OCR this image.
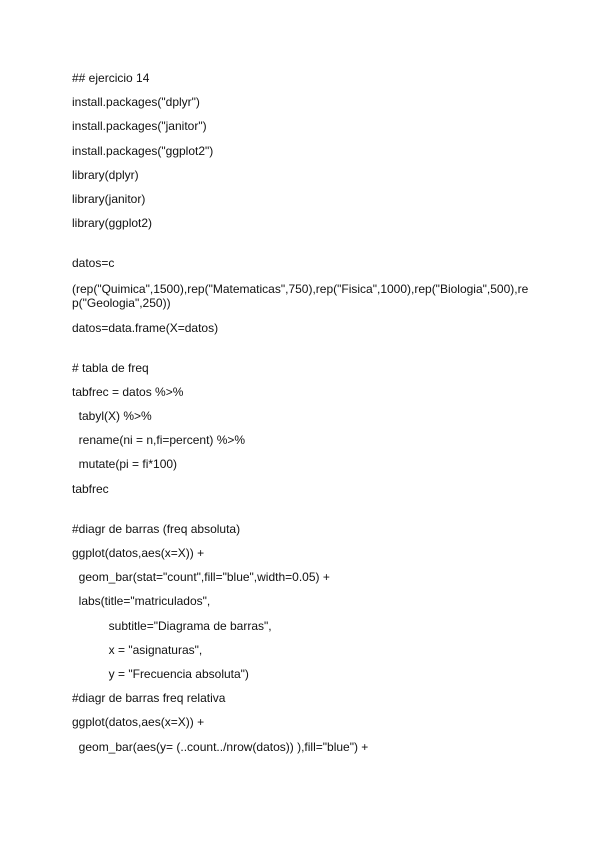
## ejercicio 14
install.packages("dplyr")
install.packages("janitor")
install.packages("ggplot2")
library(dplyr)
library(janitor)
library(ggplot2)
datos=c
(rep("Quimica",1500),rep("Matematicas",750),rep("Fisica",1000),rep("Biologia",500),rep("Geologia",250))
datos=data.frame(X=datos)
# tabla de freq
tabfrec = datos %>%
tabyl(X) %>%
rename(ni = n,fi=percent) %>%
mutate(pi = fi*100)
tabfrec
#diagr de barras (freq absoluta)
ggplot(datos,aes(x=X)) +
geom_bar(stat="count",fill="blue",width=0.05) +
labs(title="matriculados",
subtitle="Diagrama de barras",
x = "asignaturas",
y = "Frecuencia absoluta")
#diagr de barras freq relativa
ggplot(datos,aes(x=X)) +
geom_bar(aes(y= (..count../nrow(datos)) ),fill="blue") +
